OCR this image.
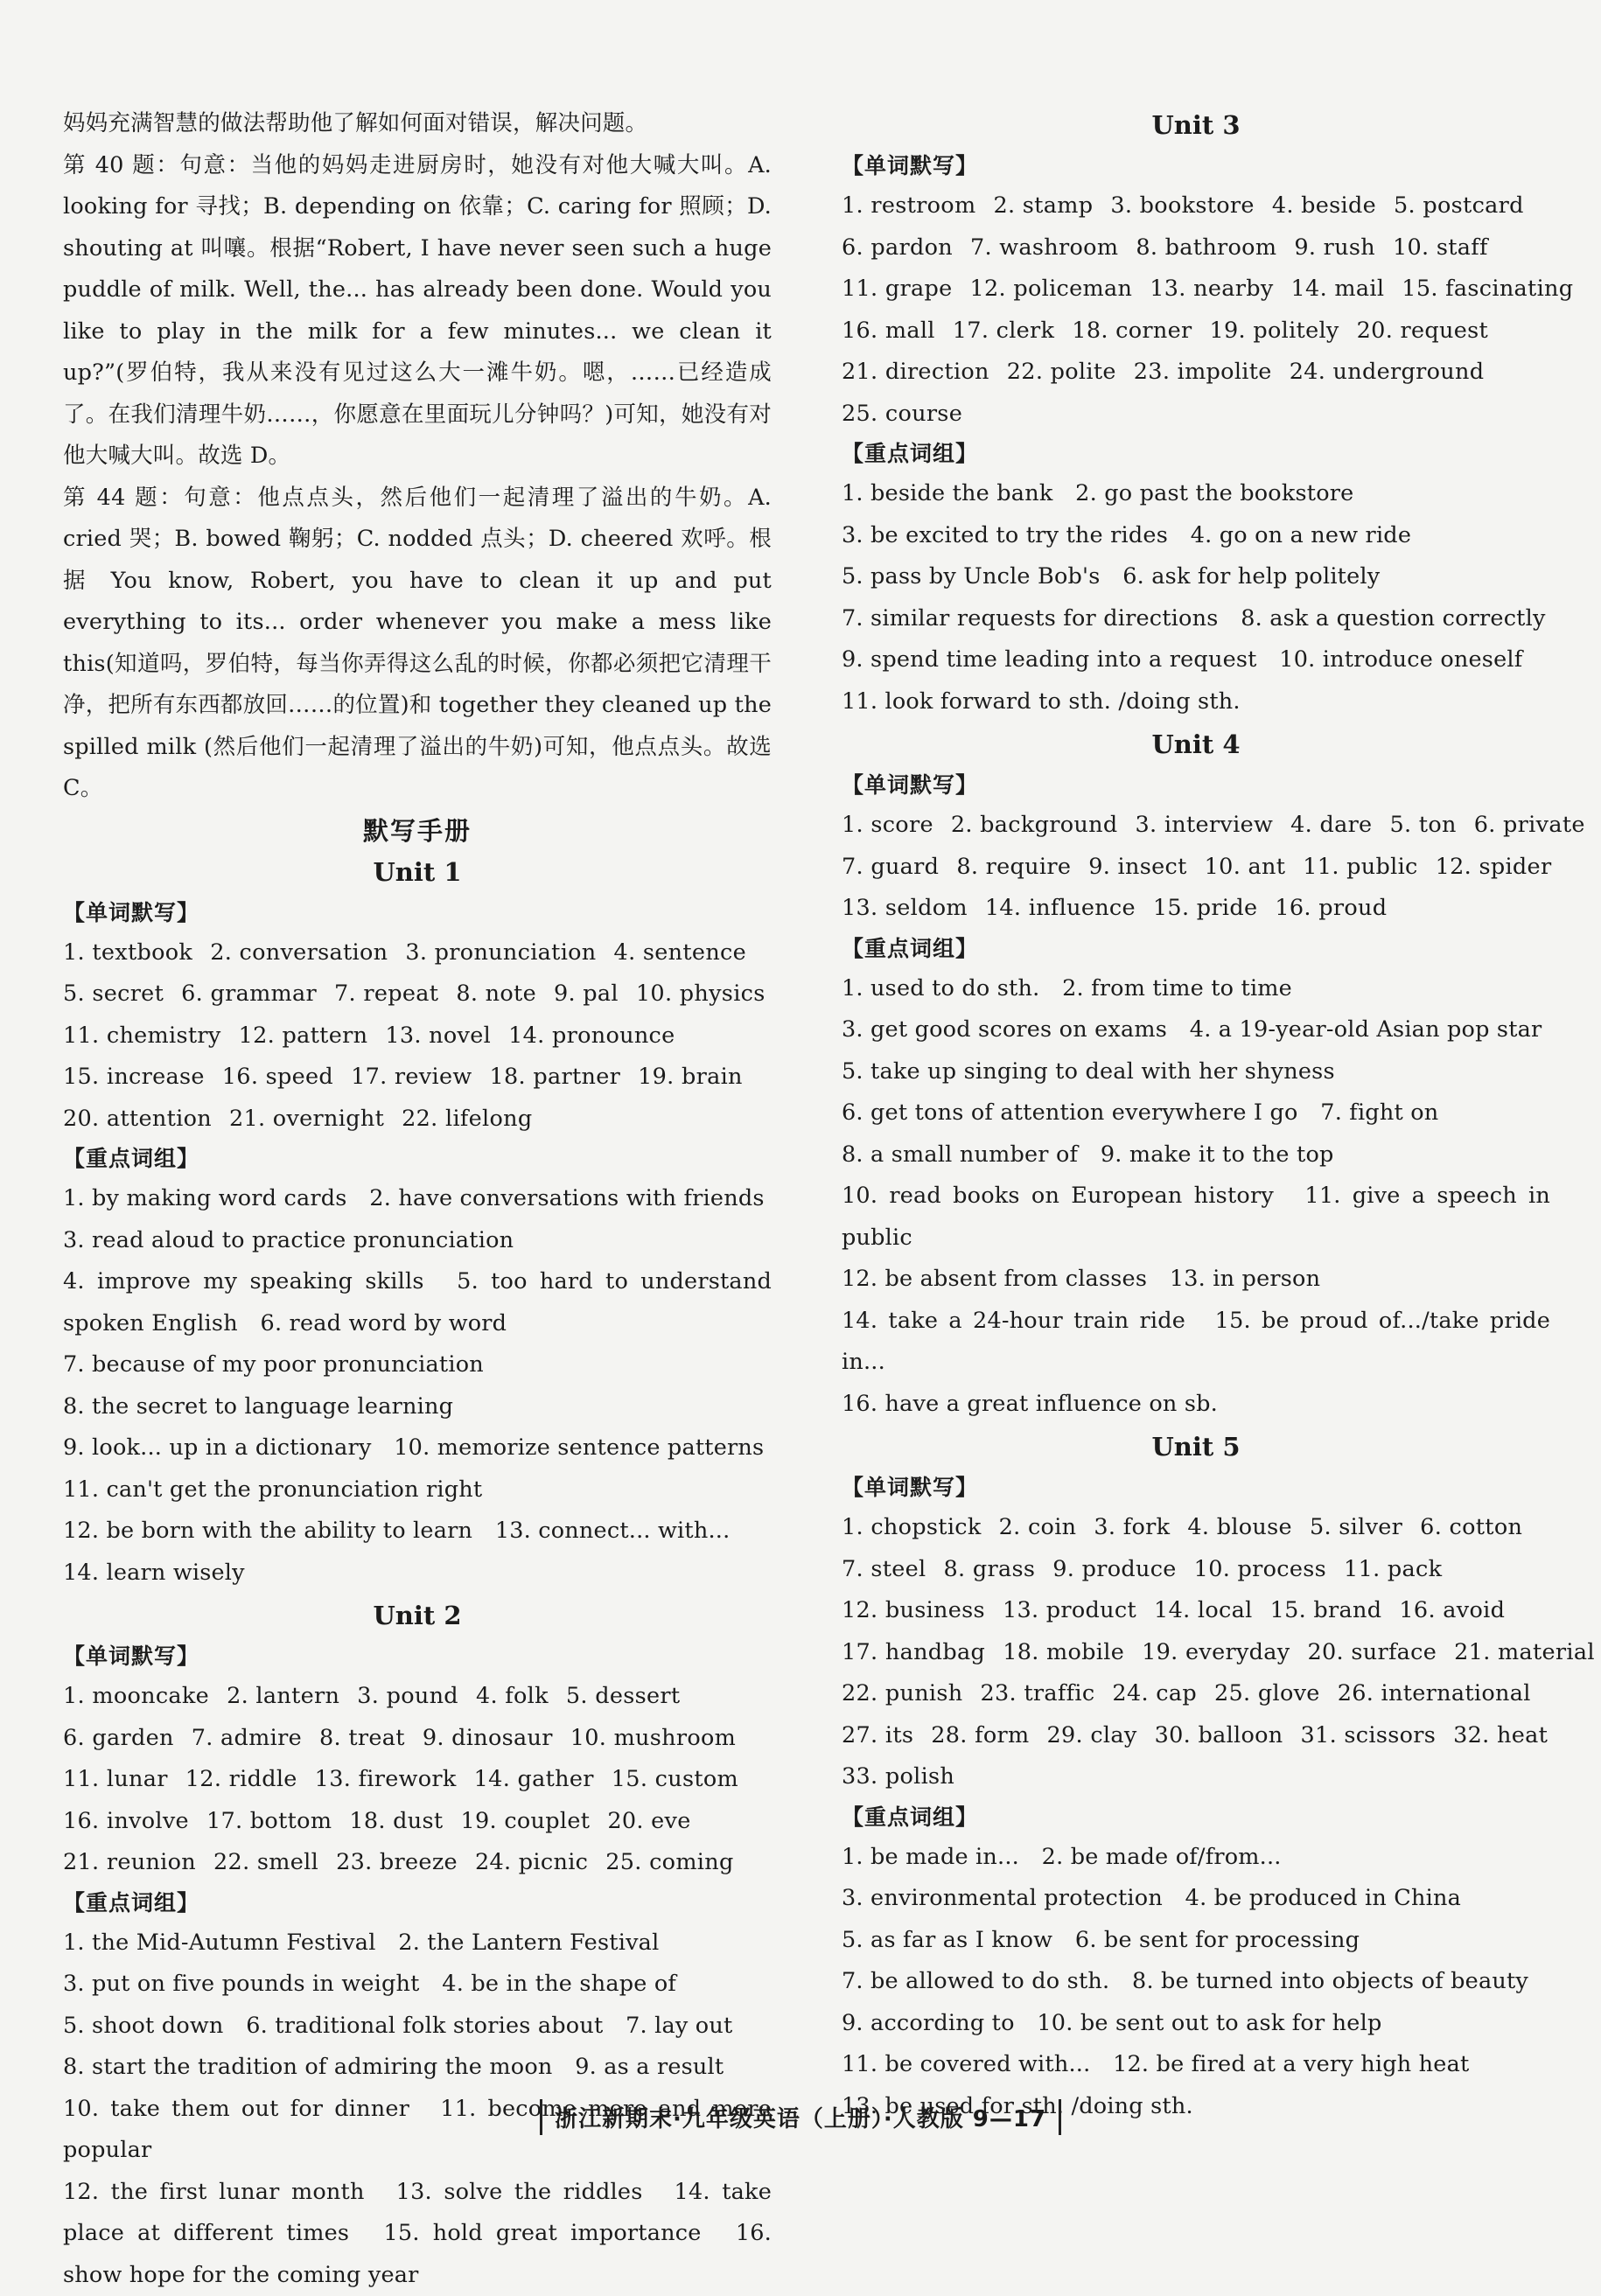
妈妈充满智慧的做法帮助他了解如何面对错误，解决问题。

第 40 题：句意：当他的妈妈走进厨房时，她没有对他大喊大叫。A. looking for 寻找；B. depending on 依靠；C. caring for 照顾；D. shouting at 叫嚷。根据“Robert, I have never seen such a huge puddle of milk. Well, the... has already been done. Would you like to play in the milk for a few minutes... we clean it up?”(罗伯特，我从来没有见过这么大一滩牛奶。嗯，……已经造成了。在我们清理牛奶……，你愿意在里面玩儿分钟吗？)可知，她没有对他大喊大叫。故选 D。

第 44 题：句意：他点点头，然后他们一起清理了溢出的牛奶。A. cried 哭；B. bowed 鞠躬；C. nodded 点头；D. cheered 欢呼。根据 You know, Robert, you have to clean it up and put everything to its... order whenever you make a mess like this(知道吗，罗伯特，每当你弄得这么乱的时候，你都必须把它清理干净，把所有东西都放回……的位置)和 together they cleaned up the spilled milk (然后他们一起清理了溢出的牛奶)可知，他点点头。故选 C。

默写手册
Unit 1
【单词默写】

1. textbook 2. conversation 3. pronunciation 4. sentence

5. secret 6. grammar 7. repeat 8. note 9. pal 10. physics

11. chemistry 12. pattern 13. novel 14. pronounce

15. increase 16. speed 17. review 18. partner 19. brain

20. attention 21. overnight 22. lifelong

【重点词组】

1. by making word cards　2. have conversations with friends

3. read aloud to practice pronunciation

4. improve my speaking skills　5. too hard to understand spoken English　6. read word by word

7. because of my poor pronunciation

8. the secret to language learning

9. look... up in a dictionary　10. memorize sentence patterns

11. can't get the pronunciation right

12. be born with the ability to learn　13. connect... with...

14. learn wisely

Unit 2
【单词默写】

1. mooncake 2. lantern 3. pound 4. folk 5. dessert

6. garden 7. admire 8. treat 9. dinosaur 10. mushroom

11. lunar 12. riddle 13. firework 14. gather 15. custom

16. involve 17. bottom 18. dust 19. couplet 20. eve

21. reunion 22. smell 23. breeze 24. picnic 25. coming

【重点词组】

1. the Mid-Autumn Festival　2. the Lantern Festival

3. put on five pounds in weight　4. be in the shape of

5. shoot down　6. traditional folk stories about　7. lay out

8. start the tradition of admiring the moon　9. as a result

10. take them out for dinner　11. become more and more popular

12. the first lunar month　13. solve the riddles　14. take place at different times　15. hold great importance　16. show hope for the coming year

Unit 3
【单词默写】

1. restroom 2. stamp 3. bookstore 4. beside 5. postcard

6. pardon 7. washroom 8. bathroom 9. rush 10. staff

11. grape 12. policeman 13. nearby 14. mail 15. fascinating

16. mall 17. clerk 18. corner 19. politely 20. request

21. direction 22. polite 23. impolite 24. underground

25. course

【重点词组】

1. beside the bank　2. go past the bookstore

3. be excited to try the rides　4. go on a new ride

5. pass by Uncle Bob's　6. ask for help politely

7. similar requests for directions　8. ask a question correctly

9. spend time leading into a request　10. introduce oneself

11. look forward to sth. /doing sth.

Unit 4
【单词默写】

1. score 2. background 3. interview 4. dare 5. ton 6. private

7. guard 8. require 9. insect 10. ant 11. public 12. spider

13. seldom 14. influence 15. pride 16. proud

【重点词组】

1. used to do sth.　2. from time to time

3. get good scores on exams　4. a 19-year-old Asian pop star

5. take up singing to deal with her shyness

6. get tons of attention everywhere I go　7. fight on

8. a small number of　9. make it to the top

10. read books on European history　11. give a speech in public

12. be absent from classes　13. in person

14. take a 24-hour train ride　15. be proud of.../take pride in...

16. have a great influence on sb.

Unit 5
【单词默写】

1. chopstick 2. coin 3. fork 4. blouse 5. silver 6. cotton

7. steel 8. grass 9. produce 10. process 11. pack

12. business 13. product 14. local 15. brand 16. avoid

17. handbag 18. mobile 19. everyday 20. surface 21. material

22. punish 23. traffic 24. cap 25. glove 26. international

27. its 28. form 29. clay 30. balloon 31. scissors 32. heat

33. polish

【重点词组】

1. be made in...　2. be made of/from...

3. environmental protection　4. be produced in China

5. as far as I know　6. be sent for processing

7. be allowed to do sth.　8. be turned into objects of beauty

9. according to　10. be sent out to ask for help

11. be covered with...　12. be fired at a very high heat

13. be used for sth. /doing sth.

浙江新期末·九年级英语（上册）·人教版 9—17
